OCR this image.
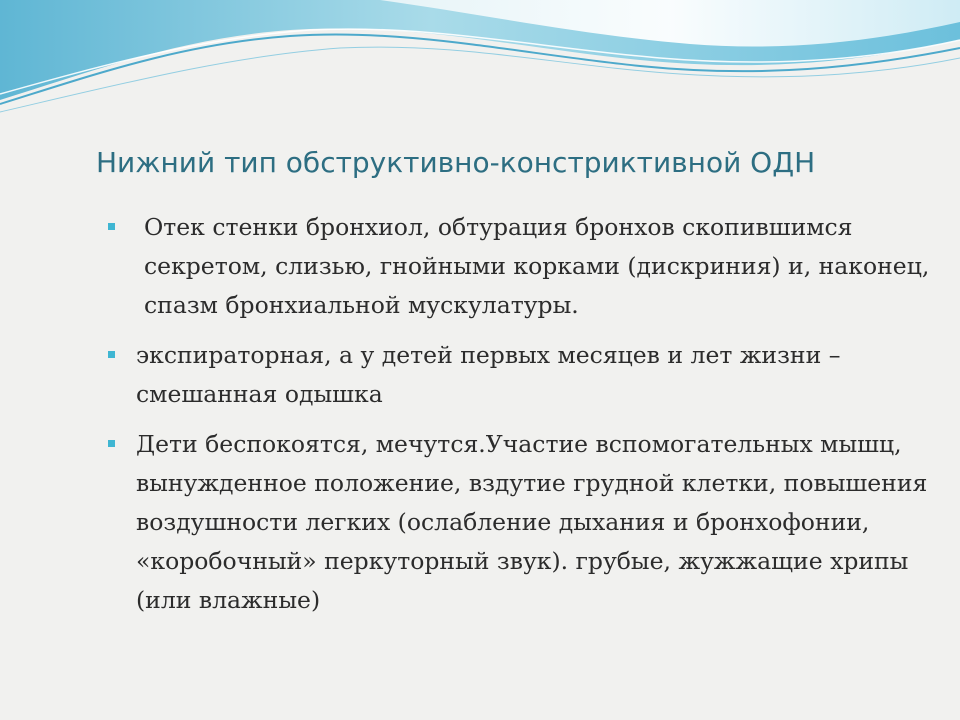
Нижний тип обструктивно-констриктивной ОДН
Отек стенки бронхиол, обтурация бронхов скопившимся секретом, слизью, гнойными корками (дискриния) и, наконец, спазм бронхиальной мускулатуры.
экспираторная, а у детей первых месяцев и лет жизни – смешанная одышка
Дети беспокоятся, мечутся.Участие вспомогательных мышц, вынужденное положение, вздутие грудной клетки, повышения воздушности легких (ослабление дыхания и бронхофонии, «коробочный» перкуторный звук). грубые, жужжащие хрипы (или влажные)
